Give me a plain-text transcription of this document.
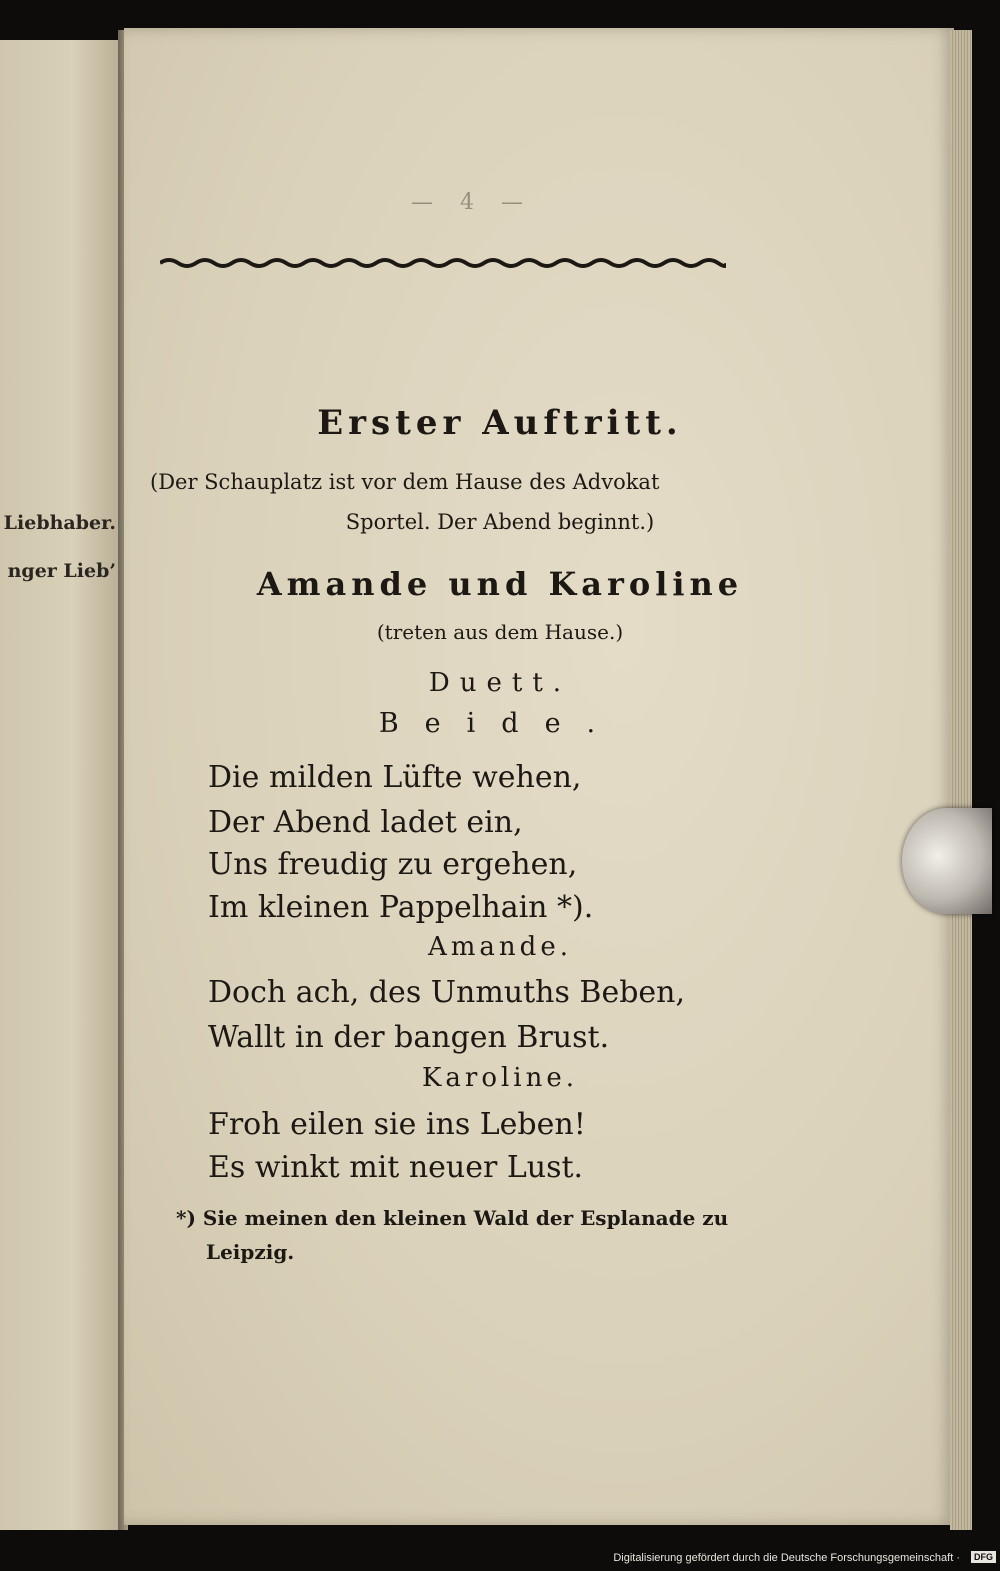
Liebhaber.
nger Lieb’
— 4 —
Erster Auftritt.
(Der Schauplatz ist vor dem Hause des Advokat
Sportel. Der Abend beginnt.)
Amande und Karoline
(treten aus dem Hause.)
Duett.
Beide.
Die milden Lüfte wehen,
Der Abend ladet ein,
Uns freudig zu ergehen,
Im kleinen Pappelhain *).
Amande.
Doch ach, des Unmuths Beben,
Wallt in der bangen Brust.
Karoline.
Froh eilen sie ins Leben!
Es winkt mit neuer Lust.
*) Sie meinen den kleinen Wald der Esplanade zu
Leipzig.
Digitalisierung gefördert durch die Deutsche Forschungsgemeinschaft ·	DFG
